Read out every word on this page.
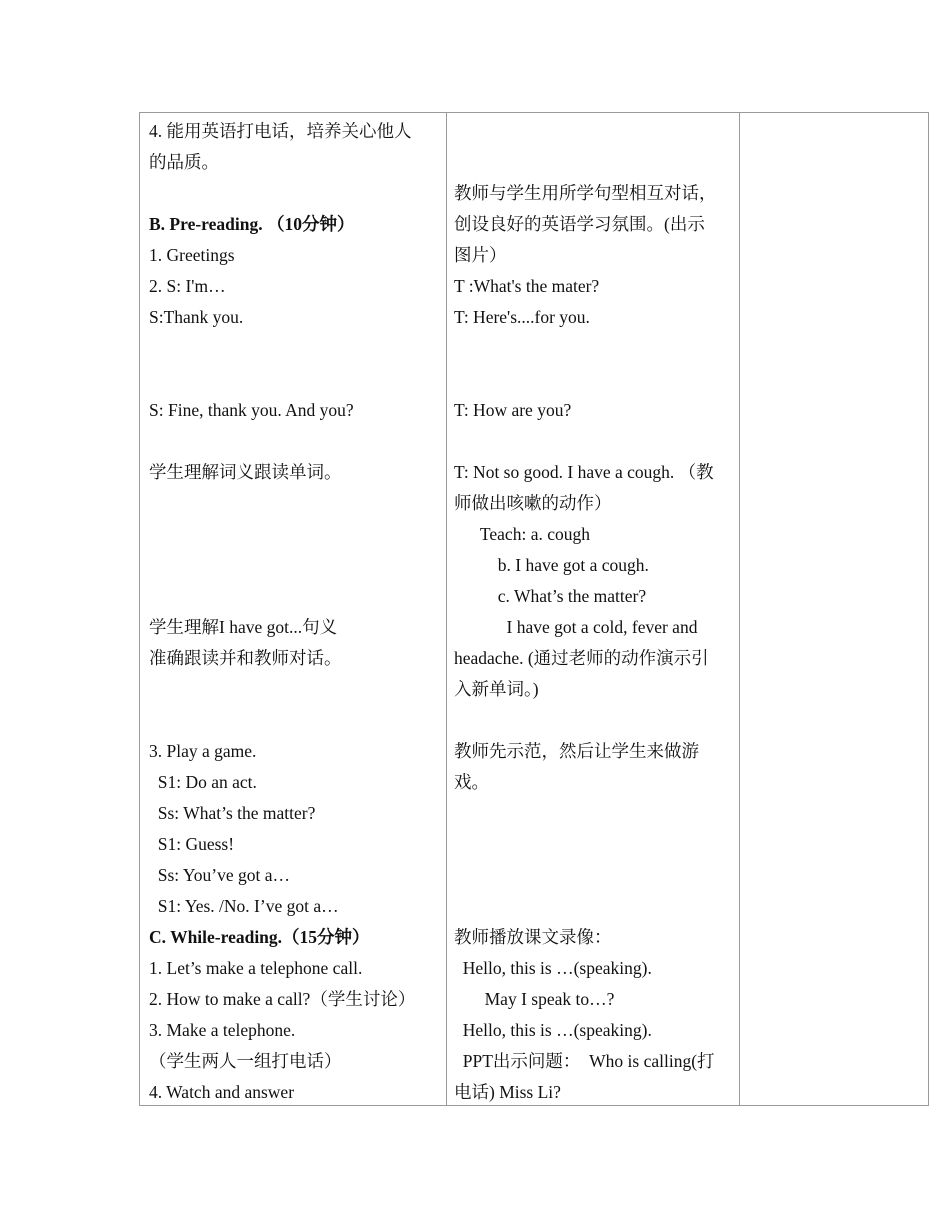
4. 能用英语打电话，培养关心他人
的品质。
B. Pre-reading. （10分钟）
1. Greetings
2. S: I'm…
S:Thank you.
S: Fine, thank you. And you?
学生理解词义跟读单词。
学生理解I have got...句义
准确跟读并和教师对话。
3. Play a game.
S1: Do an act.
Ss: What’s the matter?
S1: Guess!
Ss: You’ve got a…
S1: Yes. /No. I’ve got a…
C. While-reading.（15分钟）
1. Let’s make a telephone call.
2. How to make a call?（学生讨论）
3. Make a telephone.
（学生两人一组打电话）
4. Watch and answer
教师与学生用所学句型相互对话，
创设良好的英语学习氛围。(出示
图片）
T :What's the mater?
T: Here's....for you.
T: How are you?
T: Not so good. I have a cough. （教
师做出咳嗽的动作）
Teach: a. cough
b. I have got a cough.
c. What’s the matter?
I have got a cold, fever and
headache. (通过老师的动作演示引
入新单词。)
教师先示范，然后让学生来做游
戏。
教师播放课文录像：
Hello, this is …(speaking).
May I speak to…?
Hello, this is …(speaking).
PPT出示问题：  Who is calling(打
电话) Miss Li?
